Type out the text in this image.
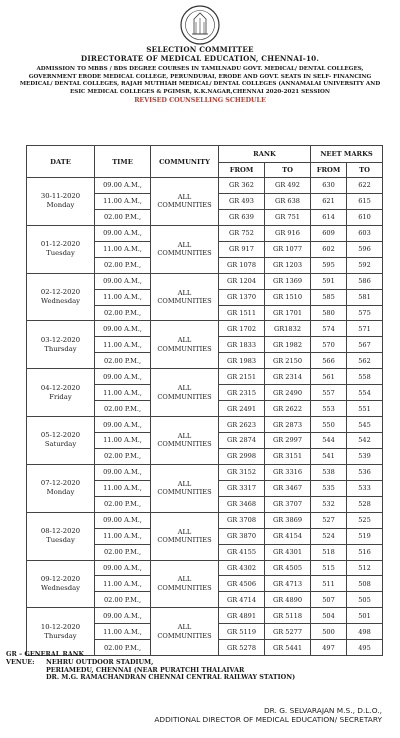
SELECTION COMMITTEE
DIRECTORATE OF MEDICAL EDUCATION, CHENNAI-10.
ADMISSION TO MBBS / BDS DEGREE COURSES IN TAMILNADU GOVT. MEDICAL/ DENTAL COLLEGES, GOVERNMENT ERODE MEDICAL COLLEGE, PERUNDURAI, ERODE AND GOVT. SEATS IN SELF- FINANCING MEDICAL/ DENTAL COLLEGES, RAJAH MUTHIAH MEDICAL/ DENTAL COLLEGES (ANNAMALAI UNIVERSITY AND ESIC MEDICAL COLLEGES & PGIMSR, K.K.NAGAR,CHENNAI 2020-2021 SESSION
REVISED COUNSELLING SCHEDULE
DATE	TIME	COMMUNITY	RANK		NEET MARKS	
			FROM	TO	FROM	TO

30-11-2020
Monday	09.00 A.M.,	ALL COMMUNITIES	GR 362	GR 492	630	622
	11.00 A.M.,		GR 493	GR 638	621	615
	02.00 P.M.,		GR 639	GR 751	614	610

01-12-2020
Tuesday	09.00 A.M.,	ALL COMMUNITIES	GR 752	GR 916	609	603
	11.00 A.M.,		GR 917	GR 1077	602	596
	02.00 P.M.,		GR 1078	GR 1203	595	592

02-12-2020
Wednesday	09.00 A.M.,	ALL COMMUNITIES	GR 1204	GR 1369	591	586
	11.00 A.M.,		GR 1370	GR 1510	585	581
	02.00 P.M.,		GR 1511	GR 1701	580	575

03-12-2020
Thursday	09.00 A.M.,	ALL COMMUNITIES	GR 1702	GR1832	574	571
	11.00 A.M.,		GR 1833	GR 1982	570	567
	02.00 P.M.,		GR 1983	GR 2150	566	562

04-12-2020
Friday	09.00 A.M.,	ALL COMMUNITIES	GR 2151	GR 2314	561	558
	11.00 A.M.,		GR 2315	GR 2490	557	554
	02.00 P.M.,		GR 2491	GR 2622	553	551

05-12-2020
Saturday	09.00 A.M.,	ALL COMMUNITIES	GR 2623	GR 2873	550	545
	11.00 A.M.,		GR 2874	GR 2997	544	542
	02.00 P.M.,		GR 2998	GR 3151	541	539

07-12-2020
Monday	09.00 A.M.,	ALL COMMUNITIES	GR 3152	GR 3316	538	536
	11.00 A.M.,		GR 3317	GR 3467	535	533
	02.00 P.M.,		GR 3468	GR 3707	532	528

08-12-2020
Tuesday	09.00 A.M.,	ALL COMMUNITIES	GR 3708	GR 3869	527	525
	11.00 A.M.,		GR 3870	GR 4154	524	519
	02.00 P.M.,		GR 4155	GR 4301	518	516

09-12-2020
Wednesday	09.00 A.M.,	ALL COMMUNITIES	GR 4302	GR 4505	515	512
	11.00 A.M.,		GR 4506	GR 4713	511	508
	02.00 P.M.,		GR 4714	GR 4890	507	505

10-12-2020
Thursday	09.00 A.M.,	ALL COMMUNITIES	GR 4891	GR 5118	504	501
	11.00 A.M.,		GR 5119	GR 5277	500	498
	02.00 P.M.,		GR 5278	GR 5441	497	495
GR – GENERAL RANK
VENUE:	NEHRU OUTDOOR STADIUM,
PERIAMEDU, CHENNAI (NEAR PURATCHI THALAIVAR
DR. M.G. RAMACHANDRAN CHENNAI CENTRAL RAILWAY STATION)
DR. G. SELVARAJAN M.S., D.L.O.,
ADDITIONAL DIRECTOR OF MEDICAL EDUCATION/ SECRETARY
